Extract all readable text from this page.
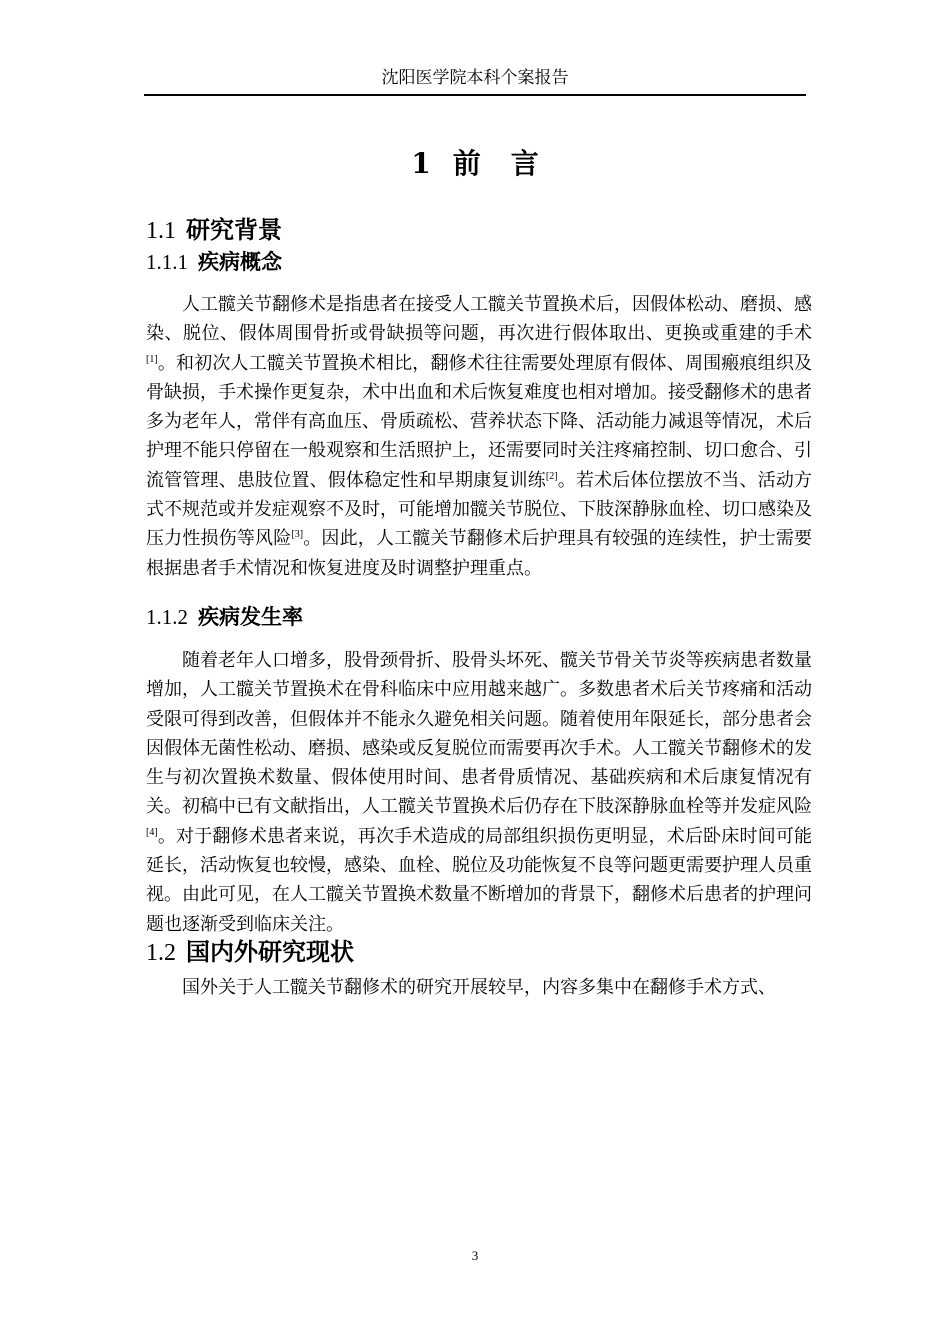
沈阳医学院本科个案报告
1 前 言
1.1 研究背景
1.1.1 疾病概念

人工髋关节翻修术是指患者在接受人工髋关节置换术后，因假体松动、磨损、感染、脱位、假体周围骨折或骨缺损等问题，再次进行假体取出、更换或重建的手术[1]。和初次人工髋关节置换术相比，翻修术往往需要处理原有假体、周围瘢痕组织及骨缺损，手术操作更复杂，术中出血和术后恢复难度也相对增加。接受翻修术的患者多为老年人，常伴有高血压、骨质疏松、营养状态下降、活动能力减退等情况，术后护理不能只停留在一般观察和生活照护上，还需要同时关注疼痛控制、切口愈合、引流管管理、患肢位置、假体稳定性和早期康复训练[2]。若术后体位摆放不当、活动方式不规范或并发症观察不及时，可能增加髋关节脱位、下肢深静脉血栓、切口感染及压力性损伤等风险[3]。因此，人工髋关节翻修术后护理具有较强的连续性，护士需要根据患者手术情况和恢复进度及时调整护理重点。

1.1.2 疾病发生率

随着老年人口增多，股骨颈骨折、股骨头坏死、髋关节骨关节炎等疾病患者数量增加，人工髋关节置换术在骨科临床中应用越来越广。多数患者术后关节疼痛和活动受限可得到改善，但假体并不能永久避免相关问题。随着使用年限延长，部分患者会因假体无菌性松动、磨损、感染或反复脱位而需要再次手术。人工髋关节翻修术的发生与初次置换术数量、假体使用时间、患者骨质情况、基础疾病和术后康复情况有关。初稿中已有文献指出，人工髋关节置换术后仍存在下肢深静脉血栓等并发症风险[4]。对于翻修术患者来说，再次手术造成的局部组织损伤更明显，术后卧床时间可能延长，活动恢复也较慢，感染、血栓、脱位及功能恢复不良等问题更需要护理人员重视。由此可见，在人工髋关节置换术数量不断增加的背景下，翻修术后患者的护理问题也逐渐受到临床关注。

1.2 国内外研究现状

国外关于人工髋关节翻修术的研究开展较早，内容多集中在翻修手术方式、

3
